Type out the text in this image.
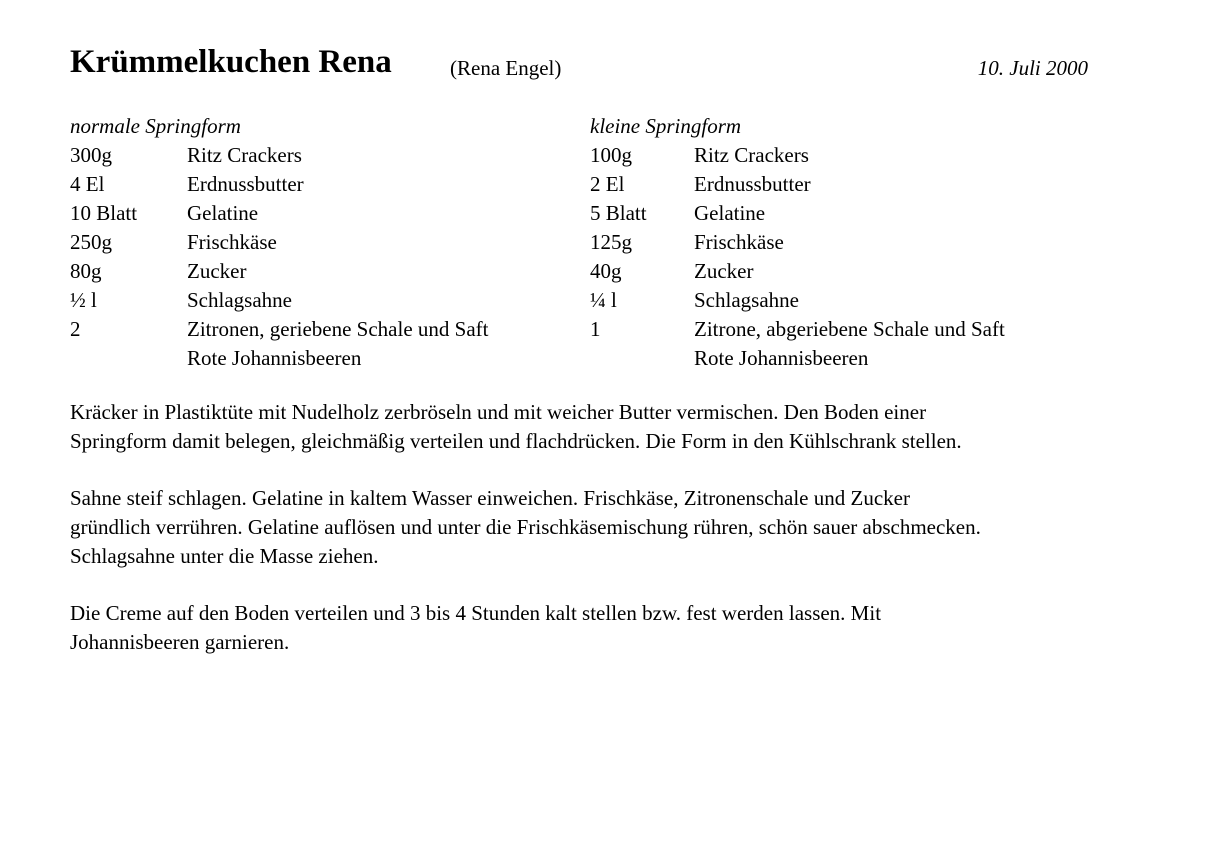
Krümmelkuchen Rena	(Rena Engel)	10. Juli 2000
normale Springform
300g	Ritz Crackers
4 El	Erdnussbutter
10 Blatt Gelatine
250g	Frischkäse
80g	Zucker
½ l	Schlagsahne
2	Zitronen, geriebene Schale und Saft
Rote Johannisbeeren
kleine Springform
100g	Ritz Crackers
2 El	Erdnussbutter
5 Blatt Gelatine
125g	Frischkäse
40g	Zucker
¼ l	Schlagsahne
1	Zitrone, abgeriebene Schale und Saft
Rote Johannisbeeren

Kräcker in Plastiktüte mit Nudelholz zerbröseln und mit weicher Butter vermischen. Den Boden einer
Springform damit belegen, gleichmäßig verteilen und flachdrücken. Die Form in den Kühlschrank stellen.

Sahne steif schlagen. Gelatine in kaltem Wasser einweichen. Frischkäse, Zitronenschale und Zucker
gründlich verrühren. Gelatine auflösen und unter die Frischkäsemischung rühren, schön sauer abschmecken.
Schlagsahne unter die Masse ziehen.

Die Creme auf den Boden verteilen und 3 bis 4 Stunden kalt stellen bzw. fest werden lassen. Mit
Johannisbeeren garnieren.
